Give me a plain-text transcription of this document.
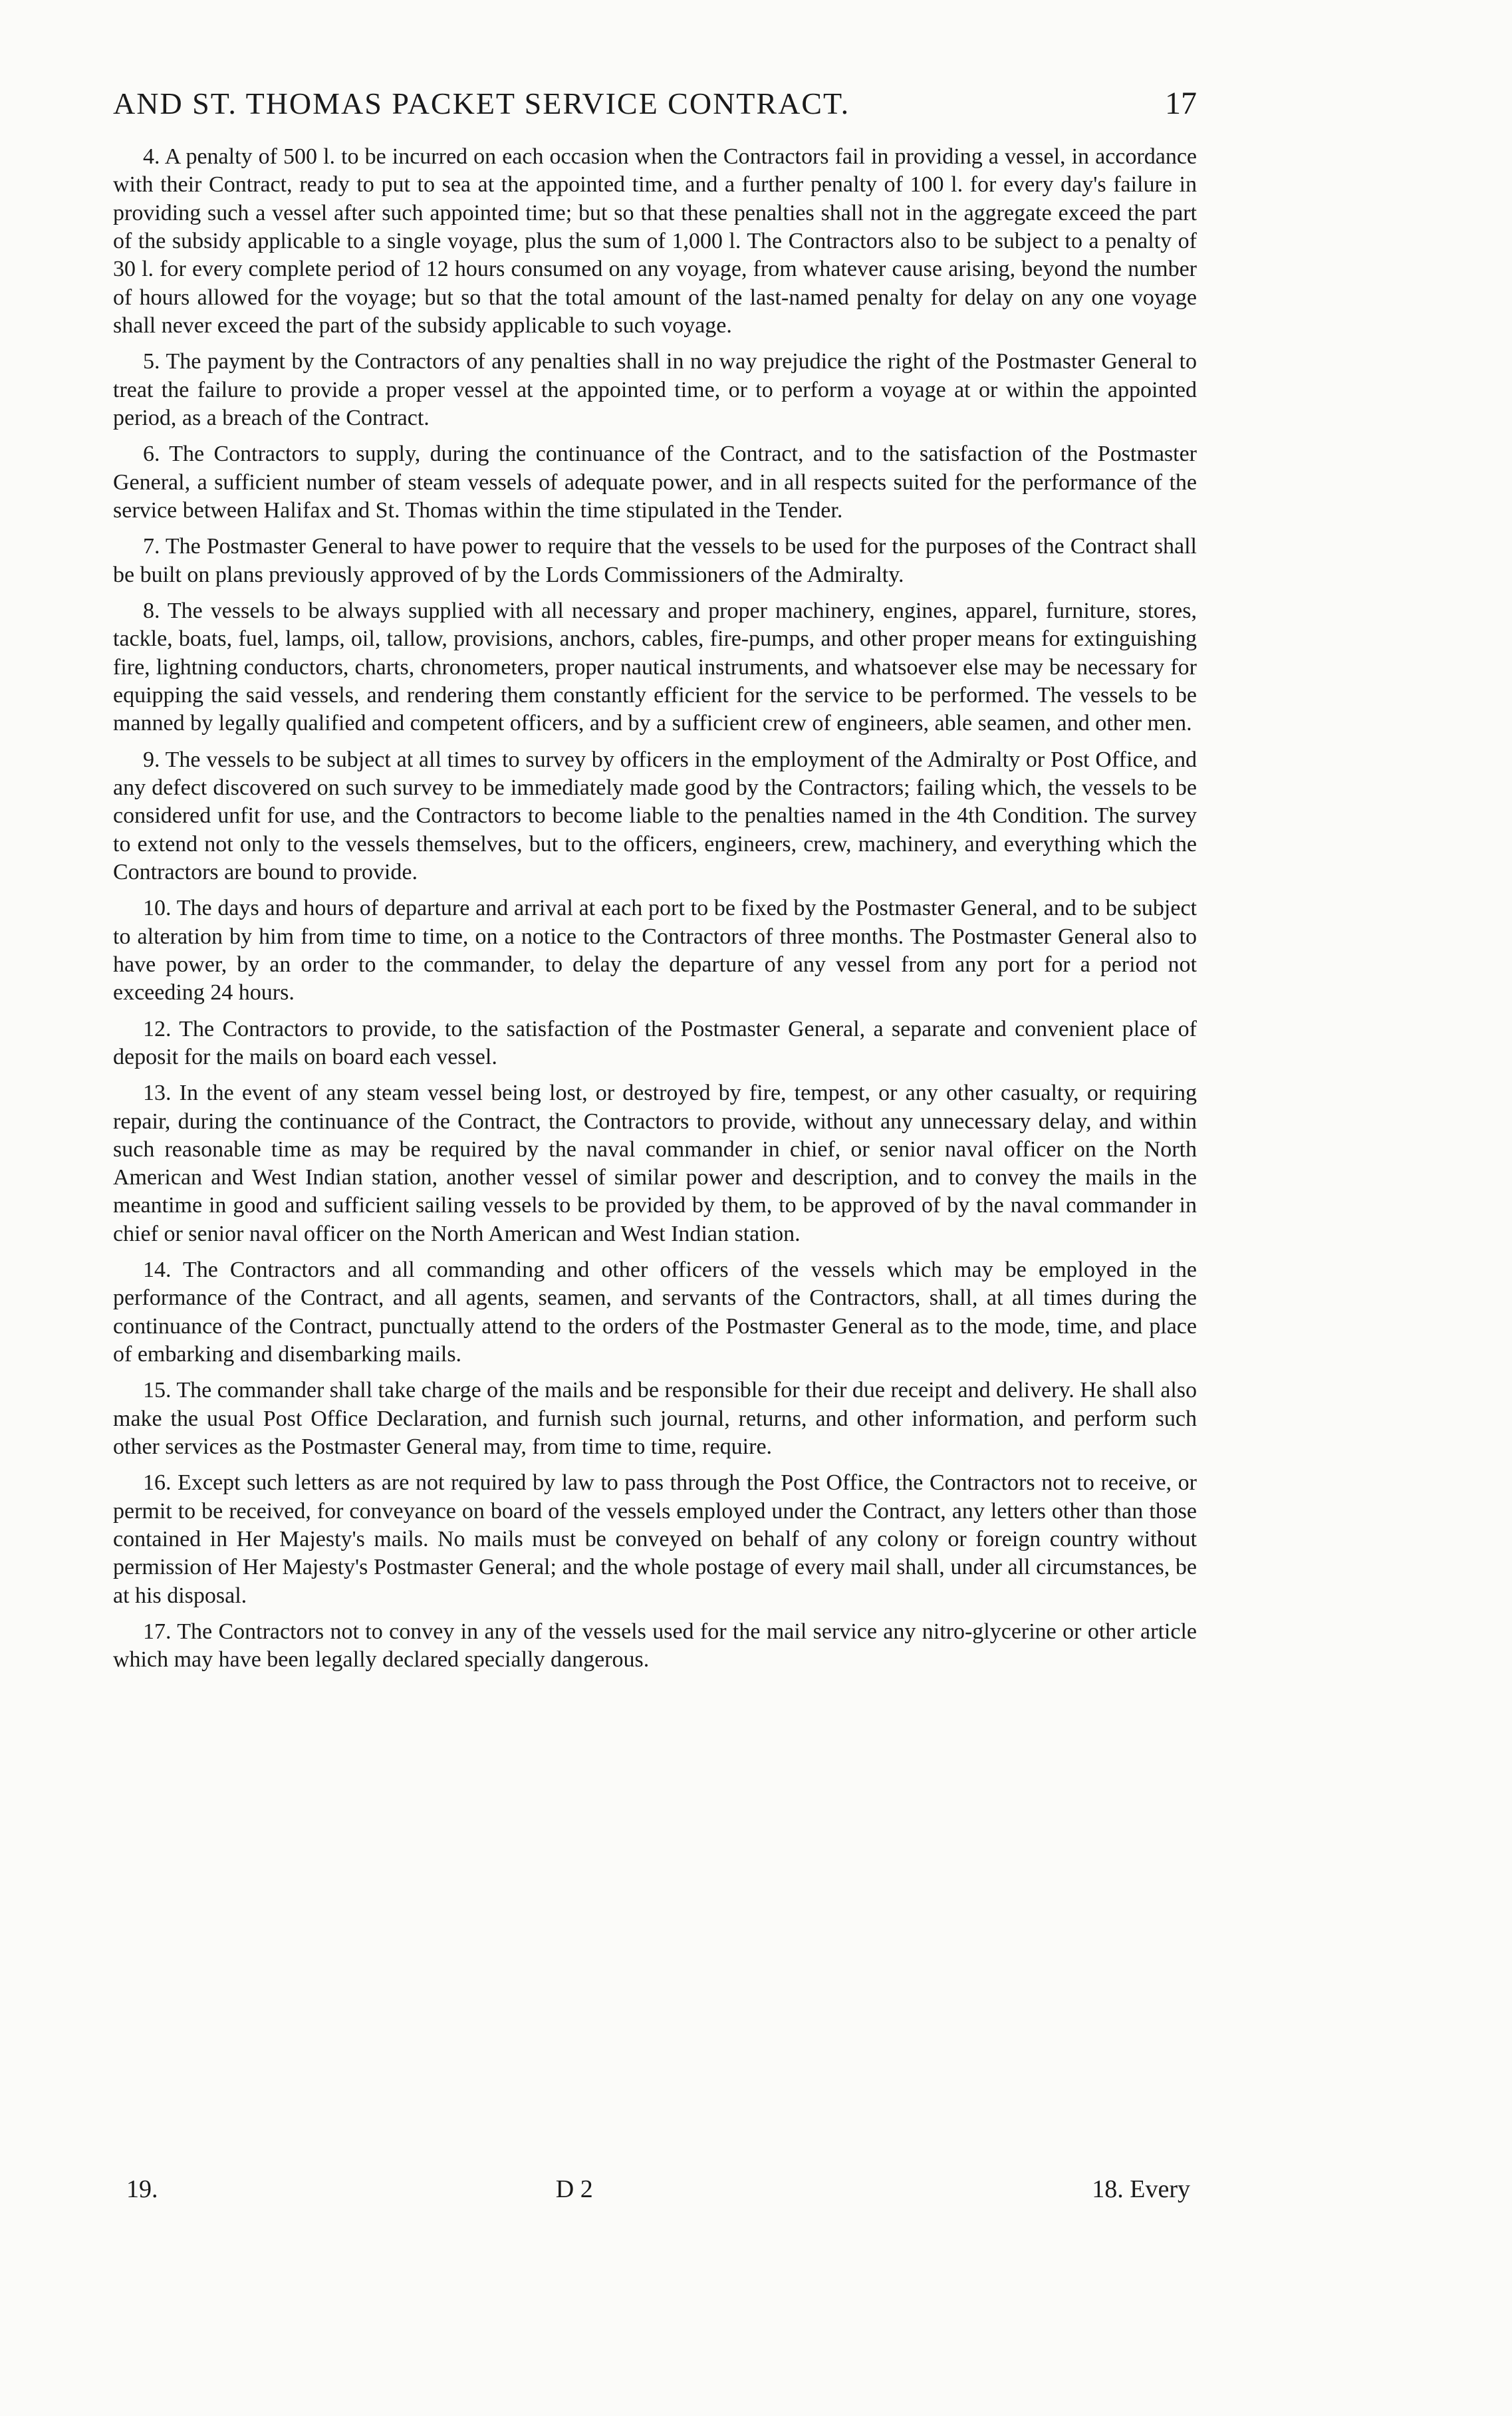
AND ST. THOMAS PACKET SERVICE CONTRACT.	17

4. A penalty of 500 l. to be incurred on each occasion when the Contractors fail in providing a vessel, in accordance with their Contract, ready to put to sea at the appointed time, and a further penalty of 100 l. for every day's failure in providing such a vessel after such appointed time; but so that these penalties shall not in the aggregate exceed the part of the subsidy applicable to a single voyage, plus the sum of 1,000 l. The Contractors also to be subject to a penalty of 30 l. for every complete period of 12 hours consumed on any voyage, from whatever cause arising, beyond the number of hours allowed for the voyage; but so that the total amount of the last-named penalty for delay on any one voyage shall never exceed the part of the subsidy applicable to such voyage.

5. The payment by the Contractors of any penalties shall in no way prejudice the right of the Postmaster General to treat the failure to provide a proper vessel at the appointed time, or to perform a voyage at or within the appointed period, as a breach of the Contract.

6. The Contractors to supply, during the continuance of the Contract, and to the satisfaction of the Postmaster General, a sufficient number of steam vessels of adequate power, and in all respects suited for the performance of the service between Halifax and St. Thomas within the time stipulated in the Tender.

7. The Postmaster General to have power to require that the vessels to be used for the purposes of the Contract shall be built on plans previously approved of by the Lords Commissioners of the Admiralty.

8. The vessels to be always supplied with all necessary and proper machinery, engines, apparel, furniture, stores, tackle, boats, fuel, lamps, oil, tallow, provisions, anchors, cables, fire-pumps, and other proper means for extinguishing fire, lightning conductors, charts, chronometers, proper nautical instruments, and whatsoever else may be necessary for equipping the said vessels, and rendering them constantly efficient for the service to be performed. The vessels to be manned by legally qualified and competent officers, and by a sufficient crew of engineers, able seamen, and other men.

9. The vessels to be subject at all times to survey by officers in the employment of the Admiralty or Post Office, and any defect discovered on such survey to be immediately made good by the Contractors; failing which, the vessels to be considered unfit for use, and the Contractors to become liable to the penalties named in the 4th Condition. The survey to extend not only to the vessels themselves, but to the officers, engineers, crew, machinery, and everything which the Contractors are bound to provide.

10. The days and hours of departure and arrival at each port to be fixed by the Postmaster General, and to be subject to alteration by him from time to time, on a notice to the Contractors of three months. The Postmaster General also to have power, by an order to the commander, to delay the departure of any vessel from any port for a period not exceeding 24 hours.

12. The Contractors to provide, to the satisfaction of the Postmaster General, a separate and convenient place of deposit for the mails on board each vessel.

13. In the event of any steam vessel being lost, or destroyed by fire, tempest, or any other casualty, or requiring repair, during the continuance of the Contract, the Contractors to provide, without any unnecessary delay, and within such reasonable time as may be required by the naval commander in chief, or senior naval officer on the North American and West Indian station, another vessel of similar power and description, and to convey the mails in the meantime in good and sufficient sailing vessels to be provided by them, to be approved of by the naval commander in chief or senior naval officer on the North American and West Indian station.

14. The Contractors and all commanding and other officers of the vessels which may be employed in the performance of the Contract, and all agents, seamen, and servants of the Contractors, shall, at all times during the continuance of the Contract, punctually attend to the orders of the Postmaster General as to the mode, time, and place of embarking and disembarking mails.

15. The commander shall take charge of the mails and be responsible for their due receipt and delivery. He shall also make the usual Post Office Declaration, and furnish such journal, returns, and other information, and perform such other services as the Postmaster General may, from time to time, require.

16. Except such letters as are not required by law to pass through the Post Office, the Contractors not to receive, or permit to be received, for conveyance on board of the vessels employed under the Contract, any letters other than those contained in Her Majesty's mails. No mails must be conveyed on behalf of any colony or foreign country without permission of Her Majesty's Postmaster General; and the whole postage of every mail shall, under all circumstances, be at his disposal.

17. The Contractors not to convey in any of the vessels used for the mail service any nitro-glycerine or other article which may have been legally declared specially dangerous.

19.	D 2	18. Every
